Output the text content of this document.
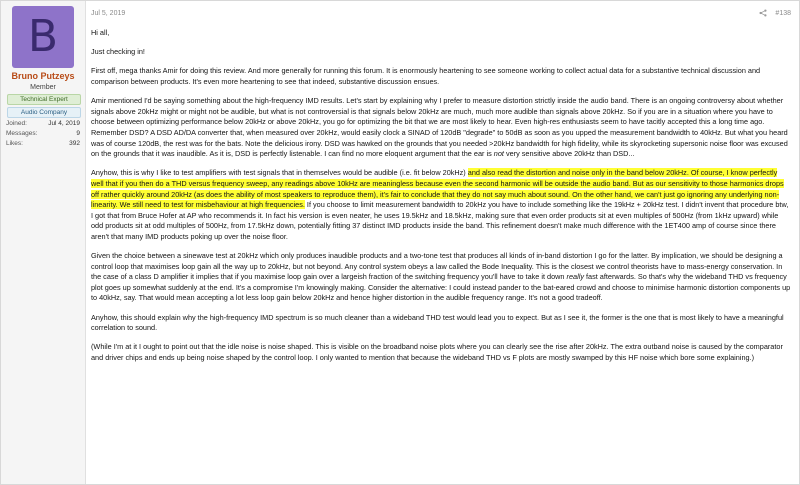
B
Bruno Putzeys
Member
Technical Expert
Audio Company
Joined:	Jul 4, 2019
Messages:	9
Likes:	392
Jul 5, 2019	#138

Hi all,

Just checking in!

First off, mega thanks Amir for doing this review. And more generally for running this forum. It is enormously heartening to see someone working to collect actual data for a substantive technical discussion and comparison between products. It's even more heartening to see that indeed, substantive discussion ensues.

Amir mentioned I'd be saying something about the high-frequency IMD results. Let's start by explaining why I prefer to measure distortion strictly inside the audio band. There is an ongoing controversy about whether signals above 20kHz might or might not be audible, but what is not controversial is that signals below 20kHz are much, much more audible than signals above 20kHz. So if you are in a situation where you have to choose between optimizing performance below 20kHz or above 20kHz, you go for optimizing the bit that we are most likely to hear. Even high-res enthusiasts seem to have tacitly accepted this a long time ago. Remember DSD? A DSD AD/DA converter that, when measured over 20kHz, would easily clock a SINAD of 120dB "degrade" to 50dB as soon as you upped the measurement bandwidth to 40kHz. But what you heard was of course 120dB, the rest was for the bats. Note the delicious irony. DSD was hawked on the grounds that you needed >20kHz bandwidth for high fidelity, while its skyrocketing supersonic noise floor was excused on the grounds that it was inaudible. As it is, DSD is perfectly listenable. I can find no more eloquent argument that the ear is not very sensitive above 20kHz than DSD...

Anyhow, this is why I like to test amplifiers with test signals that in themselves would be audible (i.e. fit below 20kHz) and also read the distortion and noise only in the band below 20kHz. Of course, I know perfectly well that if you then do a THD versus frequency sweep, any readings above 10kHz are meaningless because even the second harmonic will be outside the audio band. But as our sensitivity to those harmonics drops off rather quickly around 20kHz (as does the ability of most speakers to reproduce them), it's fair to conclude that they do not say much about sound. On the other hand, we can't just go ignoring any underlying non-linearity. We still need to test for misbehaviour at high frequencies. If you choose to limit measurement bandwidth to 20kHz you have to include something like the 19kHz + 20kHz test. I didn't invent that procedure btw, I got that from Bruce Hofer at AP who recommends it. In fact his version is even neater, he uses 19.5kHz and 18.5kHz, making sure that even order products sit at even multiples of 500Hz (from 1kHz upward) while odd products sit at odd multiples of 500Hz, from 17.5kHz down, potentially fitting 37 distinct IMD products inside the band. This refinement doesn't make much difference with the 1ET400 amp of course since there aren't that many IMD products poking up over the noise floor.

Given the choice between a sinewave test at 20kHz which only produces inaudible products and a two-tone test that produces all kinds of in-band distortion I go for the latter. By implication, we should be designing a control loop that maximises loop gain all the way up to 20kHz, but not beyond. Any control system obeys a law called the Bode Inequality. This is the closest we control theorists have to mass-energy conservation. In the case of a class D amplifier it implies that if you maximise loop gain over a largeish fraction of the switching frequency you'll have to take it down really fast afterwards. So that's why the wideband THD vs frequency plot goes up somewhat suddenly at the end. It's a compromise I'm knowingly making. Consider the alternative: I could instead pander to the bat-eared crowd and choose to minimise harmonic distortion components up to 40kHz, say. That would mean accepting a lot less loop gain below 20kHz and hence higher distortion in the audible frequency range. It's not a good tradeoff.

Anyhow, this should explain why the high-frequency IMD spectrum is so much cleaner than a wideband THD test would lead you to expect. But as I see it, the former is the one that is most likely to have a meaningful correlation to sound.

(While I'm at it I ought to point out that the idle noise is noise shaped. This is visible on the broadband noise plots where you can clearly see the rise after 20kHz. The extra outband noise is caused by the comparator and driver chips and ends up being noise shaped by the control loop. I only wanted to mention that because the wideband THD vs F plots are mostly swamped by this HF noise which bore some explaining.)
